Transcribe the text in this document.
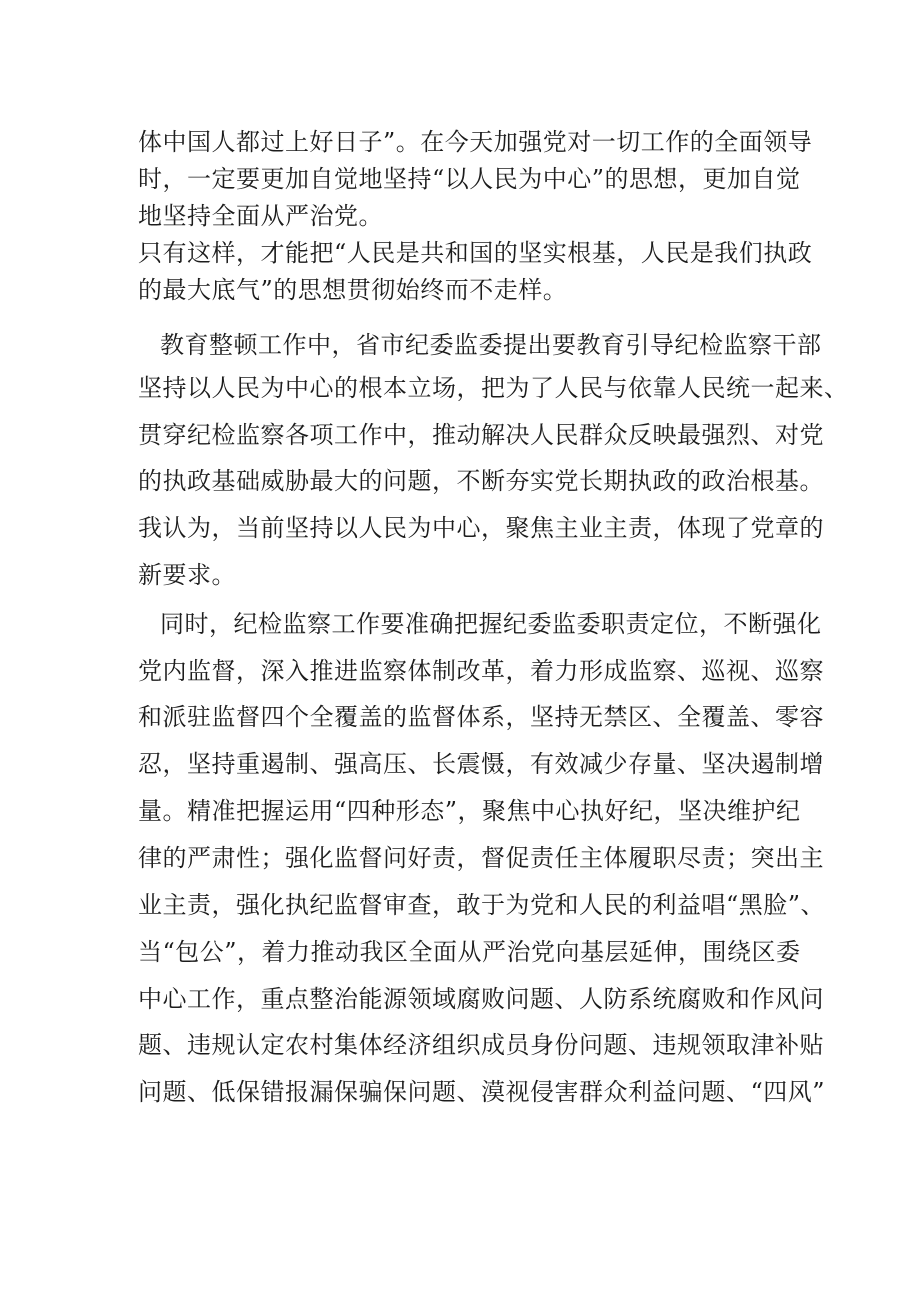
体中国人都过上好日子”。在今天加强党对一切工作的全面领导
时，一定要更加自觉地坚持“以人民为中心”的思想，更加自觉
地坚持全面从严治党。
只有这样，才能把“人民是共和国的坚实根基，人民是我们执政
的最大底气”的思想贯彻始终而不走样。
教育整顿工作中，省市纪委监委提出要教育引导纪检监察干部
坚持以人民为中心的根本立场，把为了人民与依靠人民统一起来、
贯穿纪检监察各项工作中，推动解决人民群众反映最强烈、对党
的执政基础威胁最大的问题，不断夯实党长期执政的政治根基。
我认为，当前坚持以人民为中心，聚焦主业主责，体现了党章的
新要求。
同时，纪检监察工作要准确把握纪委监委职责定位，不断强化
党内监督，深入推进监察体制改革，着力形成监察、巡视、巡察
和派驻监督四个全覆盖的监督体系，坚持无禁区、全覆盖、零容
忍，坚持重遏制、强高压、长震慑，有效减少存量、坚决遏制增
量。精准把握运用“四种形态”，聚焦中心执好纪，坚决维护纪
律的严肃性；强化监督问好责，督促责任主体履职尽责；突出主
业主责，强化执纪监督审查，敢于为党和人民的利益唱“黑脸”、
当“包公”，着力推动我区全面从严治党向基层延伸，围绕区委
中心工作，重点整治能源领域腐败问题、人防系统腐败和作风问
题、违规认定农村集体经济组织成员身份问题、违规领取津补贴
问题、低保错报漏保骗保问题、漠视侵害群众利益问题、“四风”
